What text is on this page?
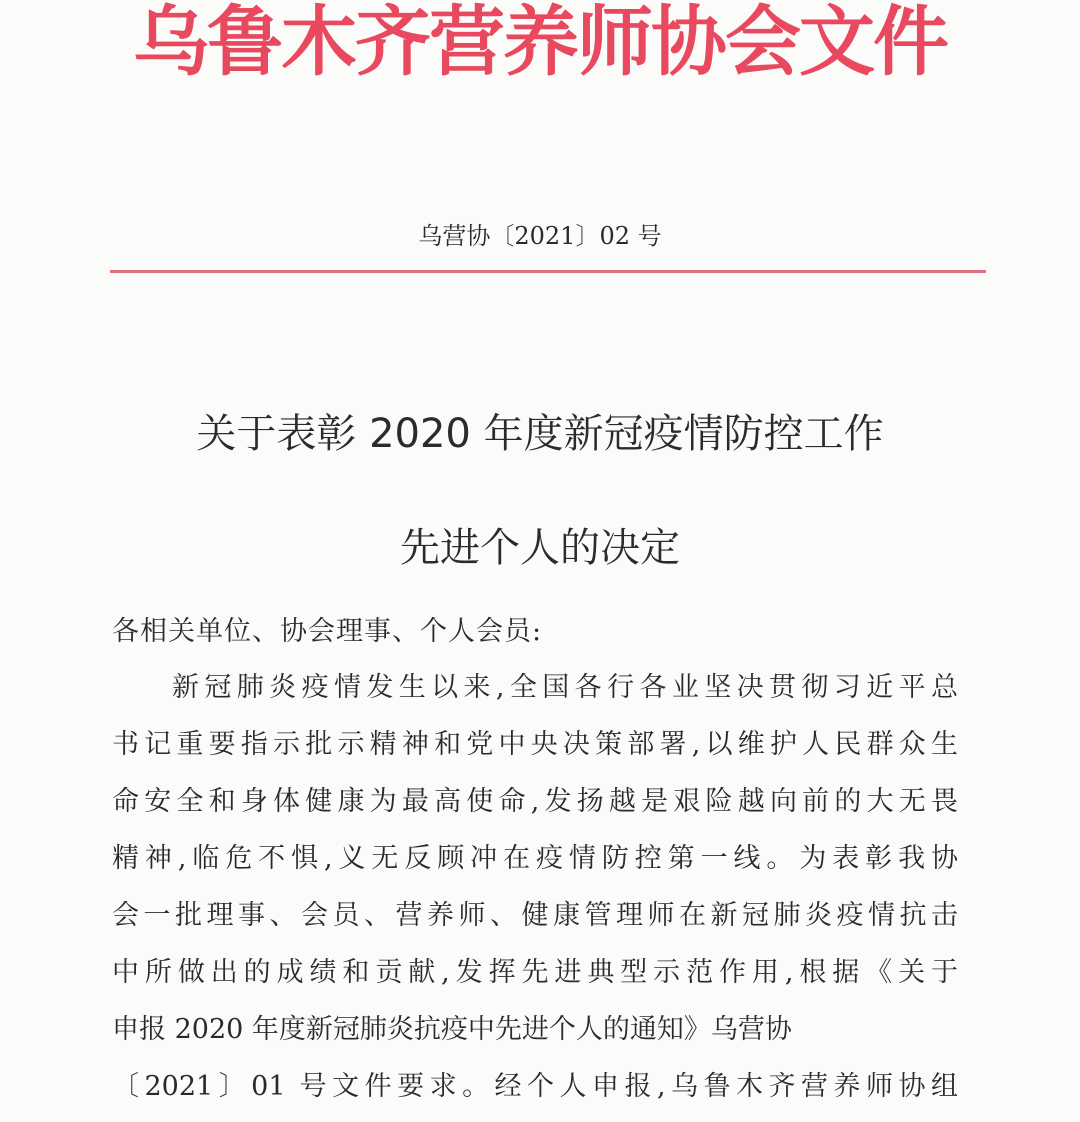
乌鲁木齐营养师协会文件
乌营协〔2021〕02 号
关于表彰 2020 年度新冠疫情防控工作
先进个人的决定
各相关单位、协会理事、个人会员:
新冠肺炎疫情发生以来,全国各行各业坚决贯彻习近平总
书记重要指示批示精神和党中央决策部署,以维护人民群众生
命安全和身体健康为最高使命,发扬越是艰险越向前的大无畏
精神,临危不惧,义无反顾冲在疫情防控第一线。为表彰我协
会一批理事、会员、营养师、健康管理师在新冠肺炎疫情抗击
中所做出的成绩和贡献,发挥先进典型示范作用,根据《关于
申报 2020 年度新冠肺炎抗疫中先进个人的通知》乌营协
〔2021〕01 号文件要求。经个人申报,乌鲁木齐营养师协组
